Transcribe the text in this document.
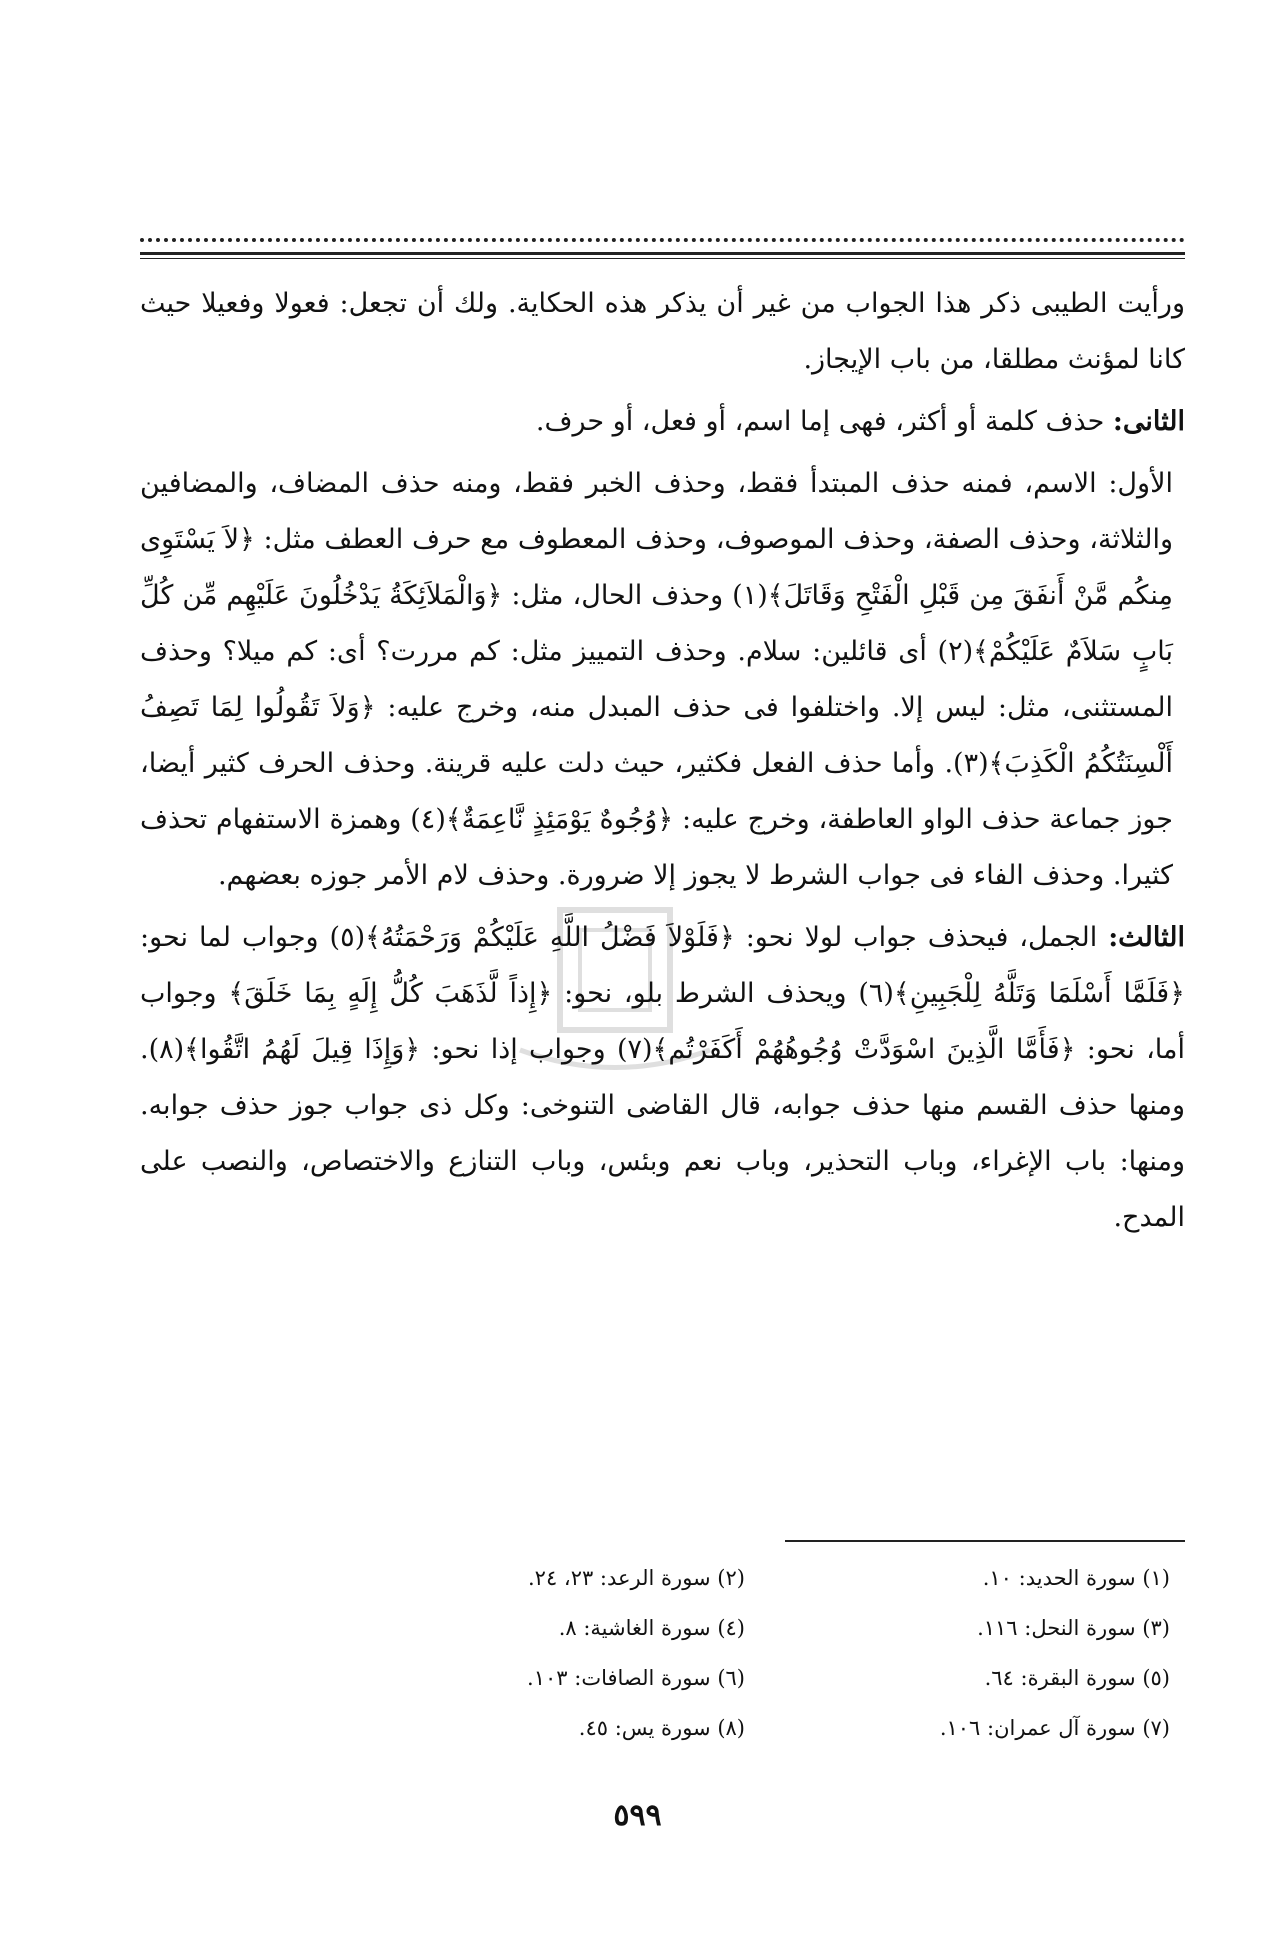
ورأيت الطيبى ذكر هذا الجواب من غير أن يذكر هذه الحكاية. ولك أن تجعل: فعولا وفعيلا حيث كانا لمؤنث مطلقا، من باب الإيجاز.

الثانى: حذف كلمة أو أكثر، فهى إما اسم، أو فعل، أو حرف.

الأول: الاسم، فمنه حذف المبتدأ فقط، وحذف الخبر فقط، ومنه حذف المضاف، والمضافين والثلاثة، وحذف الصفة، وحذف الموصوف، وحذف المعطوف مع حرف العطف مثل: ﴿لاَ يَسْتَوِى مِنكُم مَّنْ أَنفَقَ مِن قَبْلِ الْفَتْحِ وَقَاتَلَ﴾(١) وحذف الحال، مثل: ﴿وَالْمَلاَئِكَةُ يَدْخُلُونَ عَلَيْهِم مِّن كُلِّ بَابٍ سَلاَمٌ عَلَيْكُمْ﴾(٢) أى قائلين: سلام. وحذف التمييز مثل: كم مررت؟ أى: كم ميلا؟ وحذف المستثنى، مثل: ليس إلا. واختلفوا فى حذف المبدل منه، وخرج عليه: ﴿وَلاَ تَقُولُوا لِمَا تَصِفُ أَلْسِنَتُكُمُ الْكَذِبَ﴾(٣). وأما حذف الفعل فكثير، حيث دلت عليه قرينة. وحذف الحرف كثير أيضا، جوز جماعة حذف الواو العاطفة، وخرج عليه: ﴿وُجُوهٌ يَوْمَئِذٍ نَّاعِمَةٌ﴾(٤) وهمزة الاستفهام تحذف كثيرا. وحذف الفاء فى جواب الشرط لا يجوز إلا ضرورة. وحذف لام الأمر جوزه بعضهم.

الثالث: الجمل، فيحذف جواب لولا نحو: ﴿فَلَوْلاَ فَضْلُ اللَّهِ عَلَيْكُمْ وَرَحْمَتُهُ﴾(٥) وجواب لما نحو: ﴿فَلَمَّا أَسْلَمَا وَتَلَّهُ لِلْجَبِينِ﴾(٦) ويحذف الشرط بلو، نحو: ﴿إِذاً لَّذَهَبَ كُلُّ إِلَهٍ بِمَا خَلَقَ﴾ وجواب أما، نحو: ﴿فَأَمَّا الَّذِينَ اسْوَدَّتْ وُجُوهُهُمْ أَكَفَرْتُم﴾(٧) وجواب إذا نحو: ﴿وَإِذَا قِيلَ لَهُمُ اتَّقُوا﴾(٨). ومنها حذف القسم منها حذف جوابه، قال القاضى التنوخى: وكل ذى جواب جوز حذف جوابه. ومنها: باب الإغراء، وباب التحذير، وباب نعم وبئس، وباب التنازع والاختصاص، والنصب على المدح.

(١) سورة الحديد: ١٠.
(٢) سورة الرعد: ٢٣، ٢٤.
(٣) سورة النحل: ١١٦.
(٤) سورة الغاشية: ٨.
(٥) سورة البقرة: ٦٤.
(٦) سورة الصافات: ١٠٣.
(٧) سورة آل عمران: ١٠٦.
(٨) سورة يس: ٤٥.
٥٩٩
